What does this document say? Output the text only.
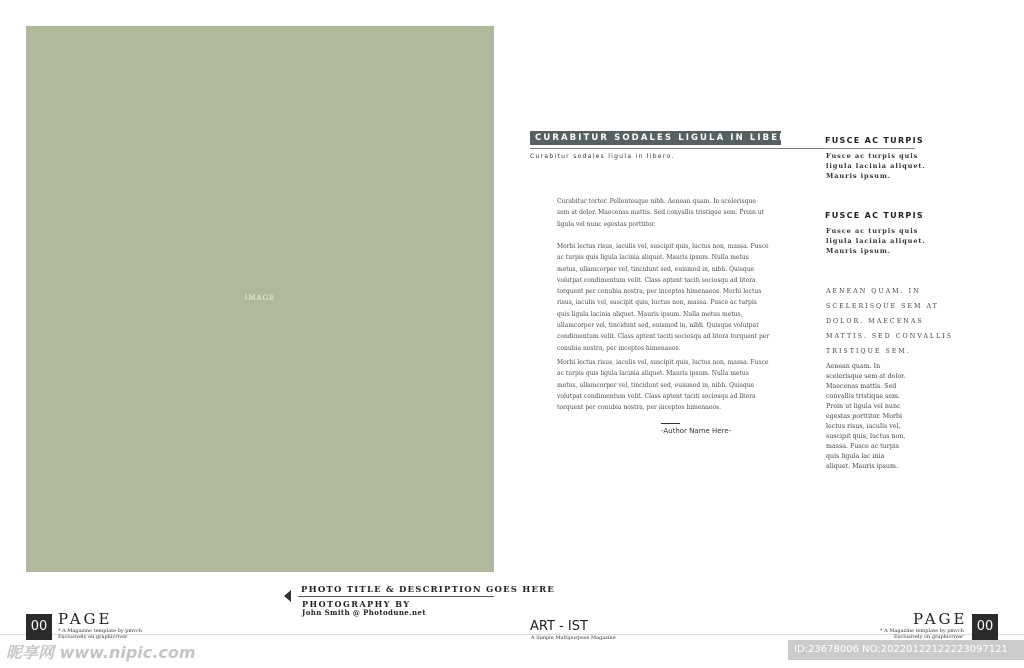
IMAGE
PHOTO TITLE & DESCRIPTION GOES HERE
PHOTOGRAPHY BY
John Smith @ Photodune.net
CURABITUR SODALES LIGULA IN LIBERO.
Curabitur sodales ligula in libero.
Curabitur tortor. Pellentesque nibh. Aenean quam. In scelerisque sem at dolor. Maecenas mattis. Sed convallis tristique sem. Proin ut ligula vel nunc egestas porttitor.
Morbi lectus risus, iaculis vel, suscipit quis, luctus non, massa. Fusce ac turpis quis ligula lacinia aliquet. Mauris ipsum. Nulla metus metus, ullamcorper vel, tincidunt sed, euismod in, nibh. Quisque volutpat condimentum velit. Class aptent taciti sociosqu ad litora torquent per conubia nostra, per inceptos himenaeos. Morbi lectus risus, iaculis vel, suscipit quis, luctus non, massa. Fusce ac turpis quis ligula lacinia aliquet. Mauris ipsum. Nulla metus metus, ullamcorper vel, tincidunt sed, euismod in, nibh. Quisque volutpat condimentum velit. Class aptent taciti sociosqu ad litora torquent per conubia nostra, per inceptos himenaeos.
Morbi lectus risus, iaculis vel, suscipit quis, luctus non, massa. Fusce ac turpis quis ligula lacinia aliquet. Mauris ipsum. Nulla metus metus, ullamcorper vel, tincidunt sed, euismod in, nibh. Quisque volutpat condimentum velit. Class aptent taciti sociosqu ad litora torquent per conubia nostra, per inceptos himenaeos.
-Author Name Here-
FUSCE AC TURPIS
Fusce ac turpis quis ligula lacinia aliquet. Mauris ipsum.
FUSCE AC TURPIS
Fusce ac turpis quis ligula lacinia aliquet. Mauris ipsum.
AENEAN QUAM. IN SCELERISQUE SEM AT DOLOR. MAECENAS MATTIS. SED CONVALLIS TRISTIQUE SEM.
Aenean quam. In scelerisque sem at dolor. Maecenas mattis. Sed convallis tristique sem. Proin ut ligula vel nunc egestas porttitor. Morbi lectus risus, iaculis vel, suscipit quis, luctus non, massa. Fusce ac turpis quis ligula lac inia aliquet. Mauris ipsum.
00 PAGE
* A Magazine template by pmvch
Exclusively on graphicriver
ART - IST
A Simple Multipurpose Magazine
PAGE
* A Magazine template by pmvch
Exclusively on graphicriver
00
昵享网 www.nipic.com	ID:23678006 NO:20220122122223097121
